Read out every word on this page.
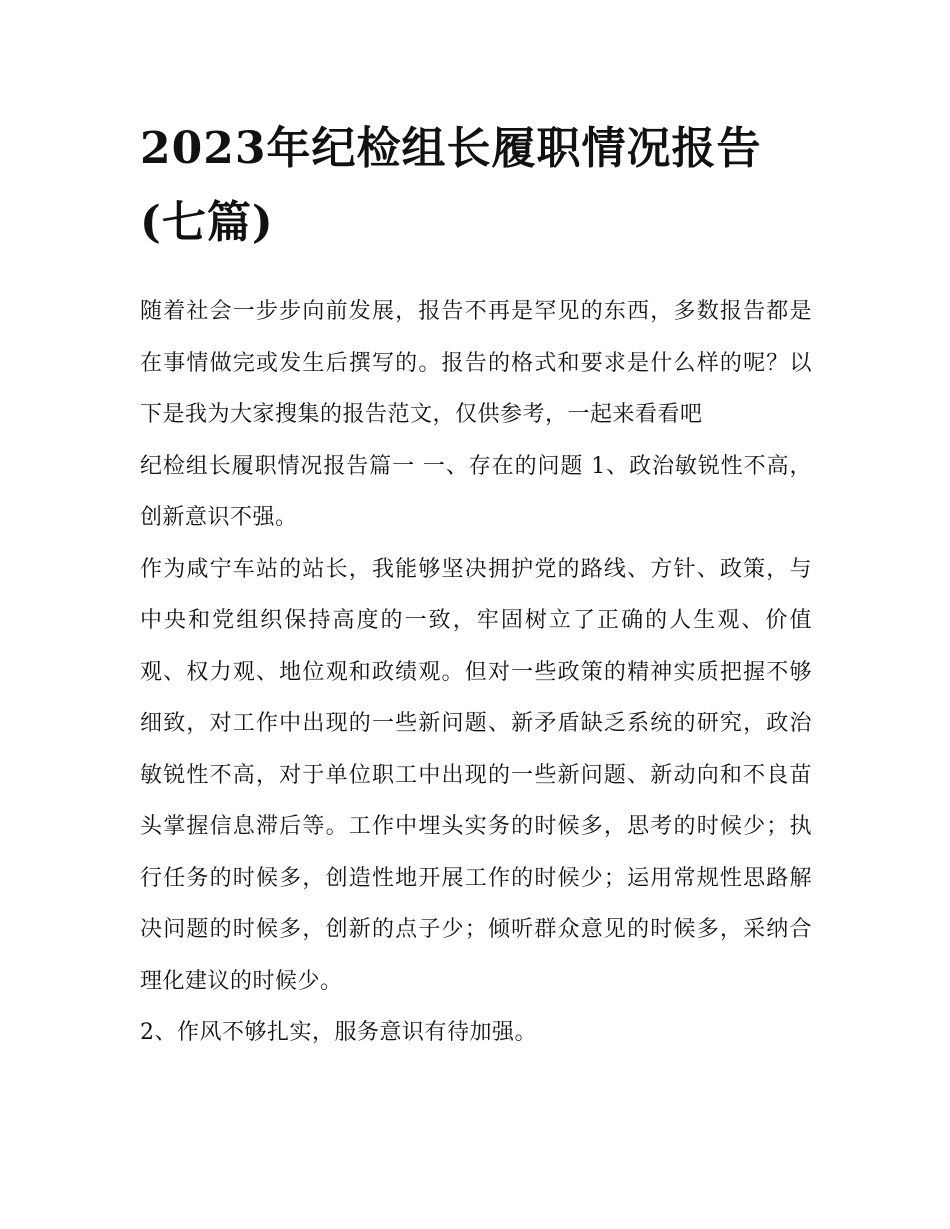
2023年纪检组长履职情况报告(七篇)

随着社会一步步向前发展，报告不再是罕见的东西，多数报告都是在事情做完或发生后撰写的。报告的格式和要求是什么样的呢？以下是我为大家搜集的报告范文，仅供参考，一起来看看吧

纪检组长履职情况报告篇一 一、存在的问题 1、政治敏锐性不高，创新意识不强。

作为咸宁车站的站长，我能够坚决拥护党的路线、方针、政策，与中央和党组织保持高度的一致，牢固树立了正确的人生观、价值观、权力观、地位观和政绩观。但对一些政策的精神实质把握不够细致，对工作中出现的一些新问题、新矛盾缺乏系统的研究，政治敏锐性不高，对于单位职工中出现的一些新问题、新动向和不良苗头掌握信息滞后等。工作中埋头实务的时候多，思考的时候少；执行任务的时候多，创造性地开展工作的时候少；运用常规性思路解决问题的时候多，创新的点子少；倾听群众意见的时候多，采纳合理化建议的时候少。

2、作风不够扎实，服务意识有待加强。
